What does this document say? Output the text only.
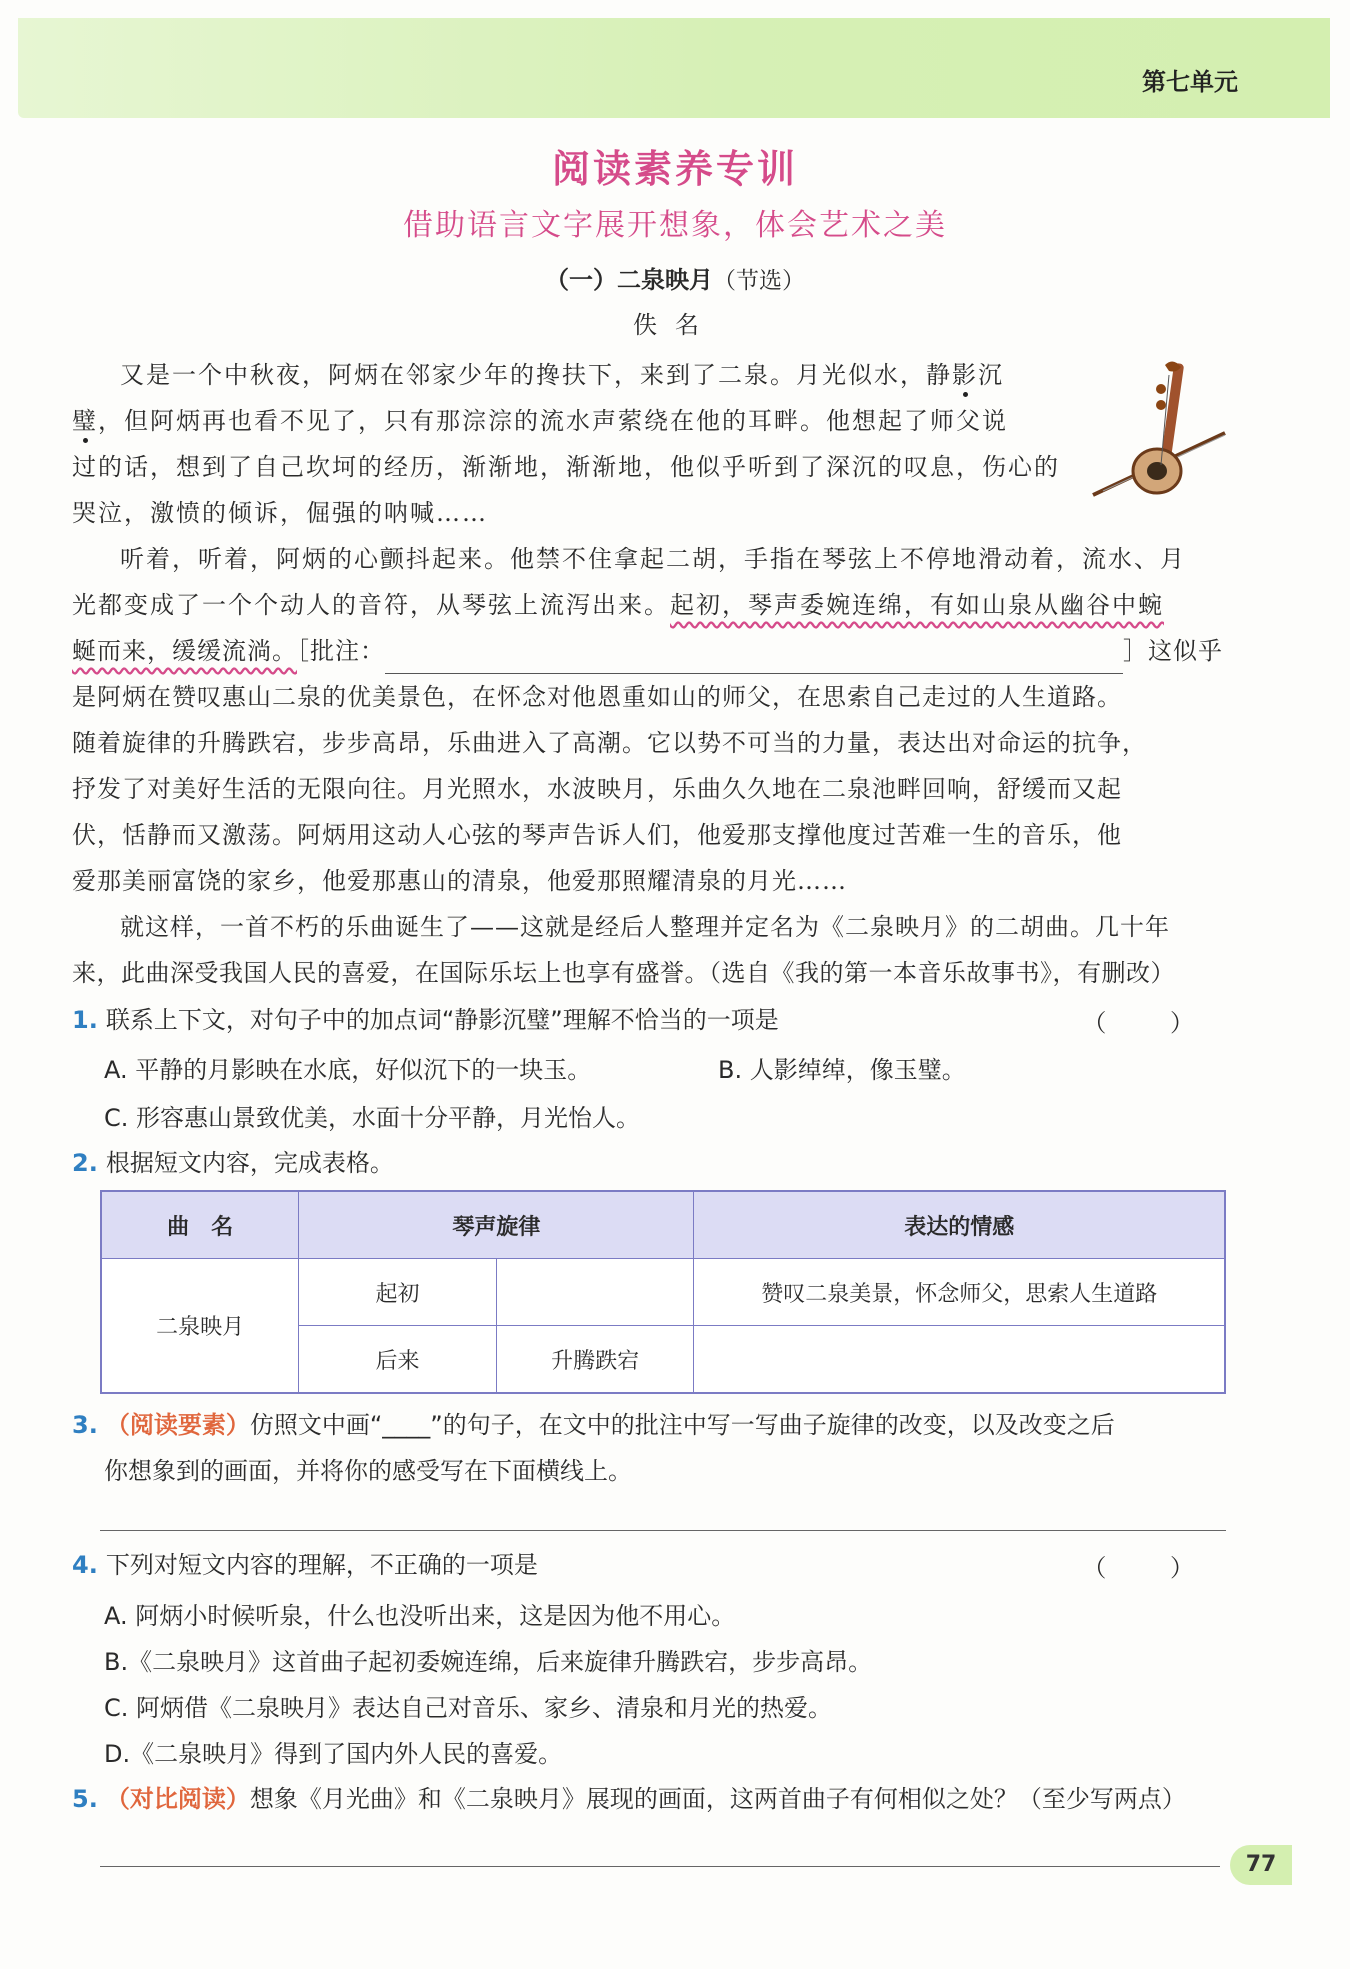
第七单元
阅读素养专训
借助语言文字展开想象，体会艺术之美
（一）二泉映月（节选）
佚名
又是一个中秋夜，阿炳在邻家少年的搀扶下，来到了二泉。月光似水，静影沉
璧，但阿炳再也看不见了，只有那淙淙的流水声萦绕在他的耳畔。他想起了师父说
过的话，想到了自己坎坷的经历，渐渐地，渐渐地，他似乎听到了深沉的叹息，伤心的
哭泣，激愤的倾诉，倔强的呐喊……
听着，听着，阿炳的心颤抖起来。他禁不住拿起二胡，手指在琴弦上不停地滑动着，流水、月
光都变成了一个个动人的音符，从琴弦上流泻出来。起初，琴声委婉连绵，有如山泉从幽谷中蜿
蜒而来，缓缓流淌。［批注：	］这似乎
是阿炳在赞叹惠山二泉的优美景色，在怀念对他恩重如山的师父，在思索自己走过的人生道路。
随着旋律的升腾跌宕，步步高昂，乐曲进入了高潮。它以势不可当的力量，表达出对命运的抗争，
抒发了对美好生活的无限向往。月光照水，水波映月，乐曲久久地在二泉池畔回响，舒缓而又起
伏，恬静而又激荡。阿炳用这动人心弦的琴声告诉人们，他爱那支撑他度过苦难一生的音乐，他
爱那美丽富饶的家乡，他爱那惠山的清泉，他爱那照耀清泉的月光……
就这样，一首不朽的乐曲诞生了——这就是经后人整理并定名为《二泉映月》的二胡曲。几十年
来，此曲深受我国人民的喜爱，在国际乐坛上也享有盛誉。（选自《我的第一本音乐故事书》，有删改）
1. 联系上下文，对句子中的加点词“静影沉璧”理解不恰当的一项是	（ ）
A. 平静的月影映在水底，好似沉下的一块玉。	B. 人影绰绰，像玉璧。
C. 形容惠山景致优美，水面十分平静，月光怡人。
2. 根据短文内容，完成表格。
曲　名	琴声旋律		表达的情感
二泉映月	起初		赞叹二泉美景，怀念师父，思索人生道路
	后来	升腾跌宕	
3. （阅读要素）仿照文中画“____”的句子，在文中的批注中写一写曲子旋律的改变，以及改变之后
你想象到的画面，并将你的感受写在下面横线上。
4. 下列对短文内容的理解，不正确的一项是	（ ）
A. 阿炳小时候听泉，什么也没听出来，这是因为他不用心。
B.《二泉映月》这首曲子起初委婉连绵，后来旋律升腾跌宕，步步高昂。
C. 阿炳借《二泉映月》表达自己对音乐、家乡、清泉和月光的热爱。
D.《二泉映月》得到了国内外人民的喜爱。
5. （对比阅读）想象《月光曲》和《二泉映月》展现的画面，这两首曲子有何相似之处？（至少写两点）
77
